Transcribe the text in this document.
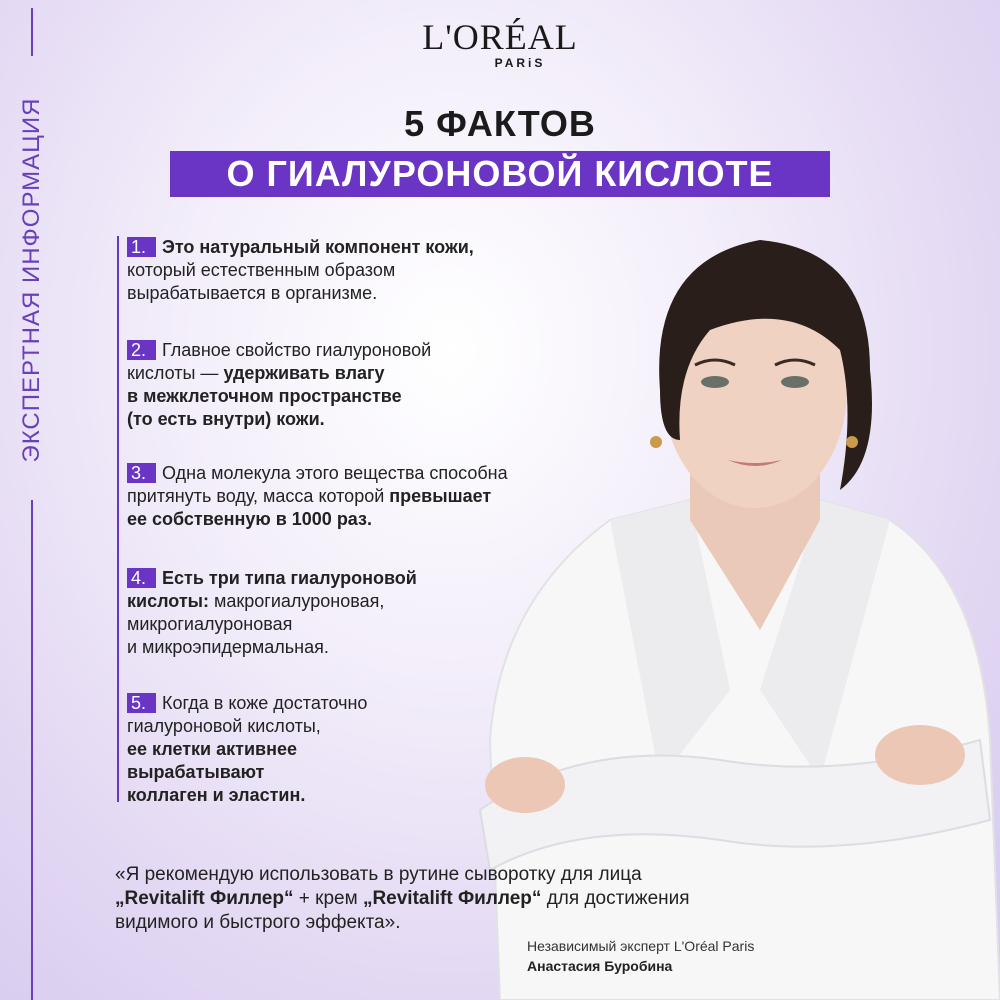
L'ORÉAL
PARiS
ЭКСПЕРТНАЯ ИНФОРМАЦИЯ	5 ФАКТОВ
О ГИАЛУРОНОВОЙ КИСЛОТЕ
1. Это натуральный компонент кожи,
который естественным образом
вырабатывается в организме.
2. Главное свойство гиалуроновой
кислоты — удерживать влагу
в межклеточном пространстве
(то есть внутри) кожи.
3. Одна молекула этого вещества способна
притянуть воду, масса которой превышает
ее собственную в 1000 раз.
4. Есть три типа гиалуроновой
кислоты: макрогиалуроновая,
микрогиалуроновая
и микроэпидермальная.
5. Когда в коже достаточно
гиалуроновой кислоты,
ее клетки активнее
вырабатывают
коллаген и эластин.
«Я рекомендую использовать в рутине сыворотку для лица
„Revitalift Филлер“ + крем „Revitalift Филлер“ для достижения
видимого и быстрого эффекта».
Независимый эксперт L'Oréal Paris
Анастасия Буробина
